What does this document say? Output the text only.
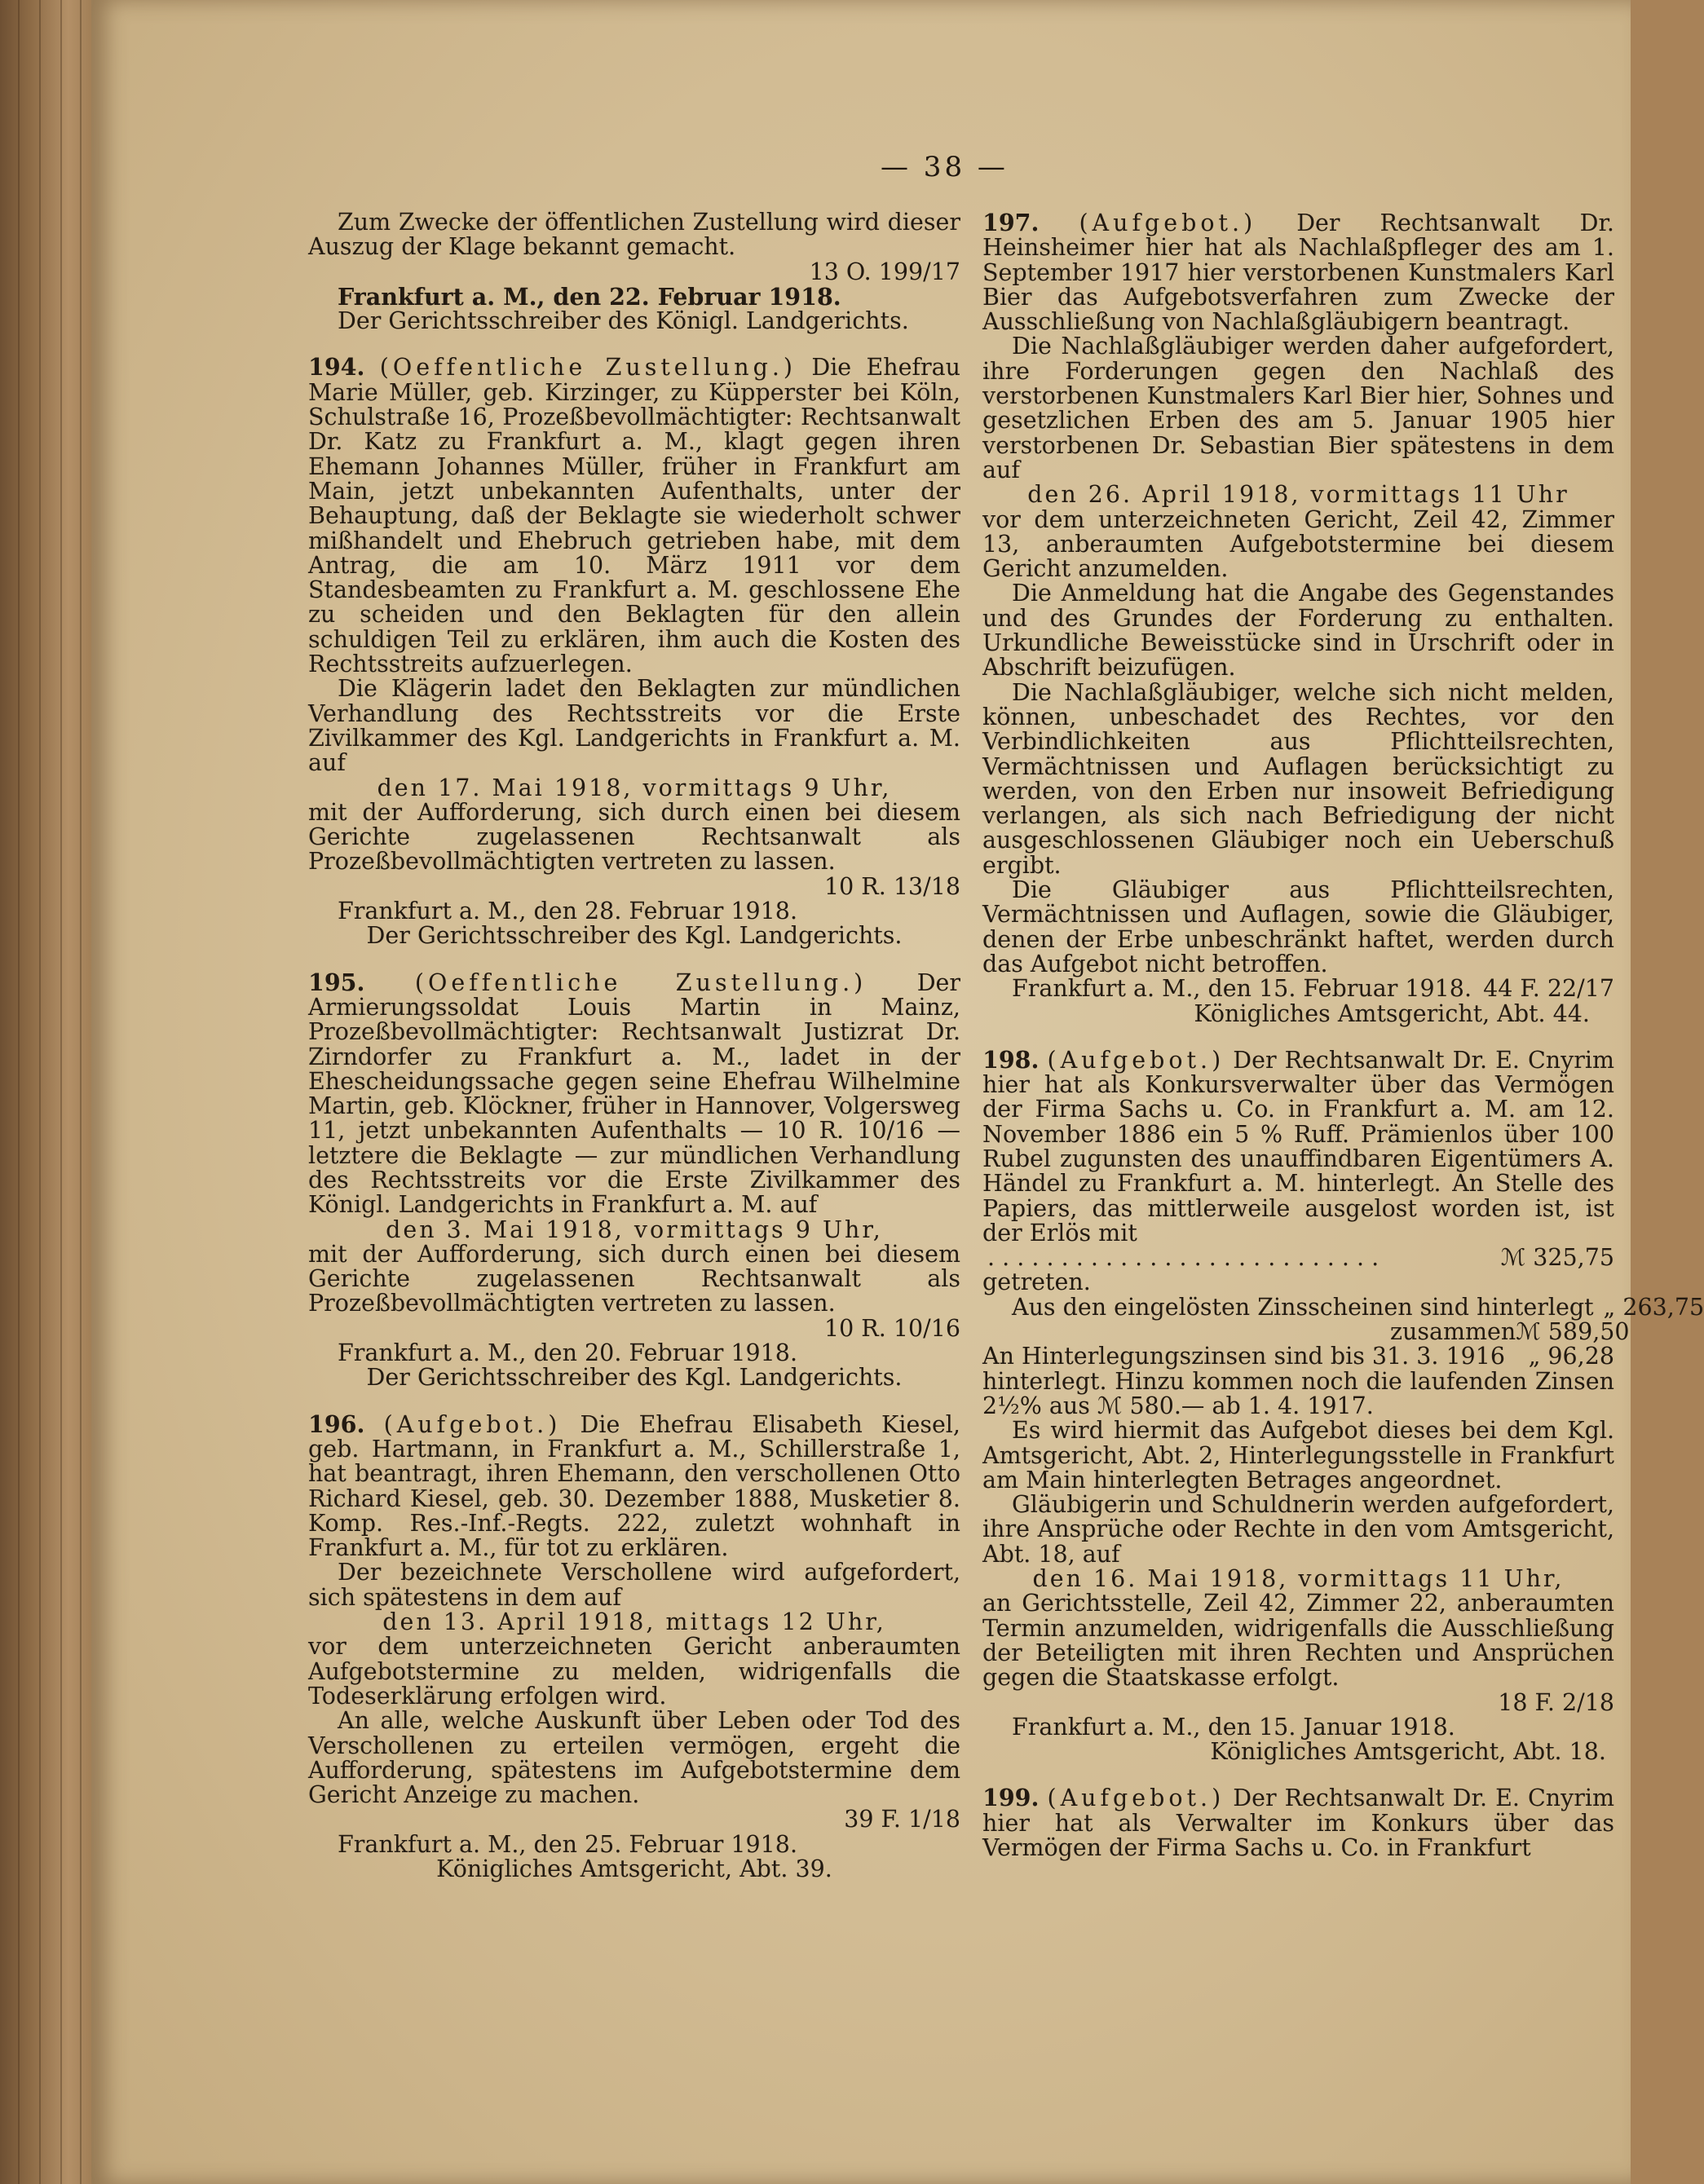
— 38 —

Zum Zwecke der öffentlichen Zustellung wird dieser Auszug der Klage bekannt gemacht.

13 O. 199/17

Frankfurt a. M., den 22. Februar 1918.

Der Gerichtsschreiber des Königl. Landgerichts.

194. (Oeffentliche Zustellung.) Die Ehefrau Marie Müller, geb. Kirzinger, zu Küpperstег bei Köln, Schulstraße 16, Prozeßbevollmächtigter: Rechtsanwalt Dr. Katz zu Frankfurt a. M., klagt gegen ihren Ehemann Johannes Müller, früher in Frankfurt am Main, jetzt unbekannten Aufenthalts, unter der Behauptung, daß der Beklagte sie wiederholt schwer mißhandelt und Ehebruch getrieben habe, mit dem Antrag, die am 10. März 1911 vor dem Standesbeamten zu Frankfurt a. M. geschlossene Ehe zu scheiden und den Beklagten für den allein schuldigen Teil zu erklären, ihm auch die Kosten des Rechtsstreits aufzuerlegen.

Die Klägerin ladet den Beklagten zur mündlichen Verhandlung des Rechtsstreits vor die Erste Zivilkammer des Kgl. Landgerichts in Frankfurt a. M. auf

den 17. Mai 1918, vormittags 9 Uhr,

mit der Aufforderung, sich durch einen bei diesem Gerichte zugelassenen Rechtsanwalt als Prozeßbevollmächtigten vertreten zu lassen.

10 R. 13/18

Frankfurt a. M., den 28. Februar 1918.

Der Gerichtsschreiber des Kgl. Landgerichts.

195. (Oeffentliche Zustellung.) Der Armierungssoldat Louis Martin in Mainz, Prozeßbevollmächtigter: Rechtsanwalt Justizrat Dr. Zirndorfer zu Frankfurt a. M., ladet in der Ehescheidungssache gegen seine Ehefrau Wilhelmine Martin, geb. Klöckner, früher in Hannover, Volgersweg 11, jetzt unbekannten Aufenthalts — 10 R. 10/16 — letztere die Beklagte — zur mündlichen Verhandlung des Rechtsstreits vor die Erste Zivilkammer des Königl. Landgerichts in Frankfurt a. M. auf

den 3. Mai 1918, vormittags 9 Uhr,

mit der Aufforderung, sich durch einen bei diesem Gerichte zugelassenen Rechtsanwalt als Prozeßbevollmächtigten vertreten zu lassen.

10 R. 10/16

Frankfurt a. M., den 20. Februar 1918.

Der Gerichtsschreiber des Kgl. Landgerichts.

196. (Aufgebot.) Die Ehefrau Elisabeth Kiesel, geb. Hartmann, in Frankfurt a. M., Schillerstraße 1, hat beantragt, ihren Ehemann, den verschollenen Otto Richard Kiesel, geb. 30. Dezember 1888, Musketier 8. Komp. Res.-Inf.-Regts. 222, zuletzt wohnhaft in Frankfurt a. M., für tot zu erklären.

Der bezeichnete Verschollene wird aufgefordert, sich spätestens in dem auf

den 13. April 1918, mittags 12 Uhr,

vor dem unterzeichneten Gericht anberaumten Aufgebotstermine zu melden, widrigenfalls die Todeserklärung erfolgen wird.

An alle, welche Auskunft über Leben oder Tod des Verschollenen zu erteilen vermögen, ergeht die Aufforderung, spätestens im Aufgebotstermine dem Gericht Anzeige zu machen.

39 F. 1/18

Frankfurt a. M., den 25. Februar 1918.

Königliches Amtsgericht, Abt. 39.

197. (Aufgebot.) Der Rechtsanwalt Dr. Heinsheimer hier hat als Nachlaßpfleger des am 1. September 1917 hier verstorbenen Kunstmalers Karl Bier das Aufgebotsverfahren zum Zwecke der Ausschließung von Nachlaßgläubigern beantragt.

Die Nachlaßgläubiger werden daher aufgefordert, ihre Forderungen gegen den Nachlaß des verstorbenen Kunstmalers Karl Bier hier, Sohnes und gesetzlichen Erben des am 5. Januar 1905 hier verstorbenen Dr. Sebastian Bier spätestens in dem auf

den 26. April 1918, vormittags 11 Uhr

vor dem unterzeichneten Gericht, Zeil 42, Zimmer 13, anberaumten Aufgebotstermine bei diesem Gericht anzumelden.

Die Anmeldung hat die Angabe des Gegenstandes und des Grundes der Forderung zu enthalten. Urkundliche Beweisstücke sind in Urschrift oder in Abschrift beizufügen.

Die Nachlaßgläubiger, welche sich nicht melden, können, unbeschadet des Rechtes, vor den Verbindlichkeiten aus Pflichtteilsrechten, Vermächtnissen und Auflagen berücksichtigt zu werden, von den Erben nur insoweit Befriedigung verlangen, als sich nach Befriedigung der nicht ausgeschlossenen Gläubiger noch ein Ueberschuß ergibt.

Die Gläubiger aus Pflichtteilsrechten, Vermächtnissen und Auflagen, sowie die Gläubiger, denen der Erbe unbeschränkt haftet, werden durch das Aufgebot nicht betroffen.

Frankfurt a. M., den 15. Februar 1918. 44 F. 22/17
Königliches Amtsgericht, Abt. 44.

198. (Aufgebot.) Der Rechtsanwalt Dr. E. Cnyrim hier hat als Konkursverwalter über das Vermögen der Firma Sachs u. Co. in Frankfurt a. M. am 12. November 1886 ein 5 % Ruff. Prämienlos über 100 Rubel zugunsten des unauffindbaren Eigentümers A. Händel zu Frankfurt a. M. hinterlegt. An Stelle des Papiers, das mittlerweile ausgelost worden ist, ist der Erlös mit

. . . . . . . . . . . . . . . . . . . . . . . . . . .	ℳ 325,75
getreten.
Aus den eingelösten Zinsscheinen sind hinterlegt „ 263,75
zusammen ℳ 589,50
An Hinterlegungszinsen sind bis 31. 3. 1916 „ 96,28

hinterlegt. Hinzu kommen noch die laufenden Zinsen 2½% aus ℳ 580.— ab 1. 4. 1917.

Es wird hiermit das Aufgebot dieses bei dem Kgl. Amtsgericht, Abt. 2, Hinterlegungsstelle in Frankfurt am Main hinterlegten Betrages angeordnet.

Gläubigerin und Schuldnerin werden aufgefordert, ihre Ansprüche oder Rechte in den vom Amtsgericht, Abt. 18, auf

den 16. Mai 1918, vormittags 11 Uhr,

an Gerichtsstelle, Zeil 42, Zimmer 22, anberaumten Termin anzumelden, widrigenfalls die Ausschließung der Beteiligten mit ihren Rechten und Ansprüchen gegen die Staatskasse erfolgt.

18 F. 2/18

Frankfurt a. M., den 15. Januar 1918.

Königliches Amtsgericht, Abt. 18.

199. (Aufgebot.) Der Rechtsanwalt Dr. E. Cnyrim hier hat als Verwalter im Konkurs über das Vermögen der Firma Sachs u. Co. in Frankfurt
